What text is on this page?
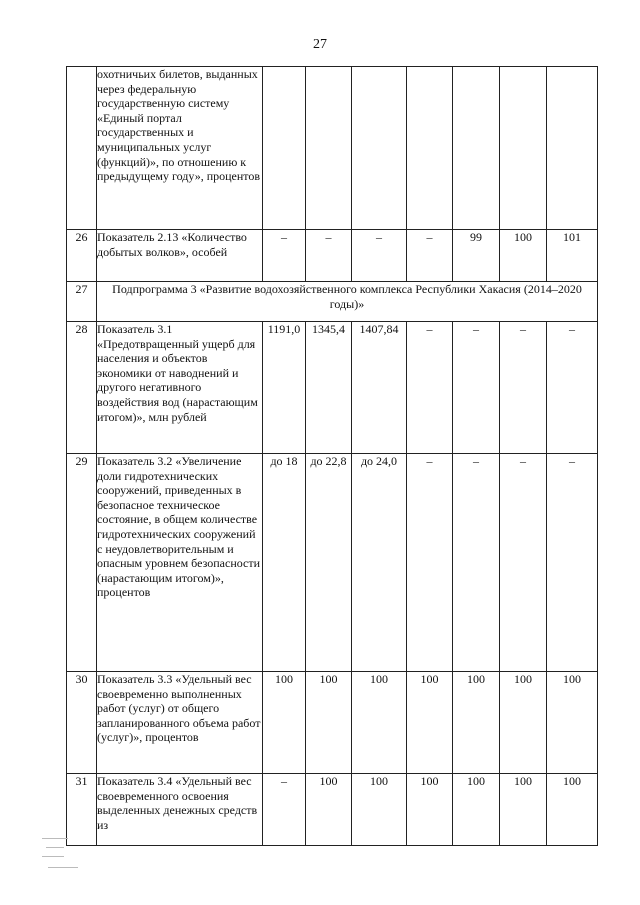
27
	охотничьих билетов, выданных через федеральную государственную систему «Единый портал государственных и муниципальных услуг (функций)», по отношению к предыдущему году», процентов							
26	Показатель 2.13 «Количество добытых волков», особей	–	–	–	–	99	100	101
27	Подпрограмма 3 «Развитие водохозяйственного комплекса Республики Хакасия (2014–2020 годы)»							
28	Показатель 3.1 «Предотвращенный ущерб для населения и объектов экономики от наводнений и другого негативного воздействия вод (нарастающим итогом)», млн рублей	1191,0	1345,4	1407,84	–	–	–	–
29	Показатель 3.2 «Увеличение доли гидротехнических сооружений, приведенных в безопасное техническое состояние, в общем количестве гидротехнических сооружений с неудовлетворительным и опасным уровнем безопасности (нарастающим итогом)», процентов	до 18	до 22,8	до 24,0	–	–	–	–
30	Показатель 3.3 «Удельный вес своевременно выполненных работ (услуг) от общего запланированного объема работ (услуг)», процентов	100	100	100	100	100	100	100
31	Показатель 3.4 «Удельный вес своевременного освоения выделенных денежных средств из	–	100	100	100	100	100	100
